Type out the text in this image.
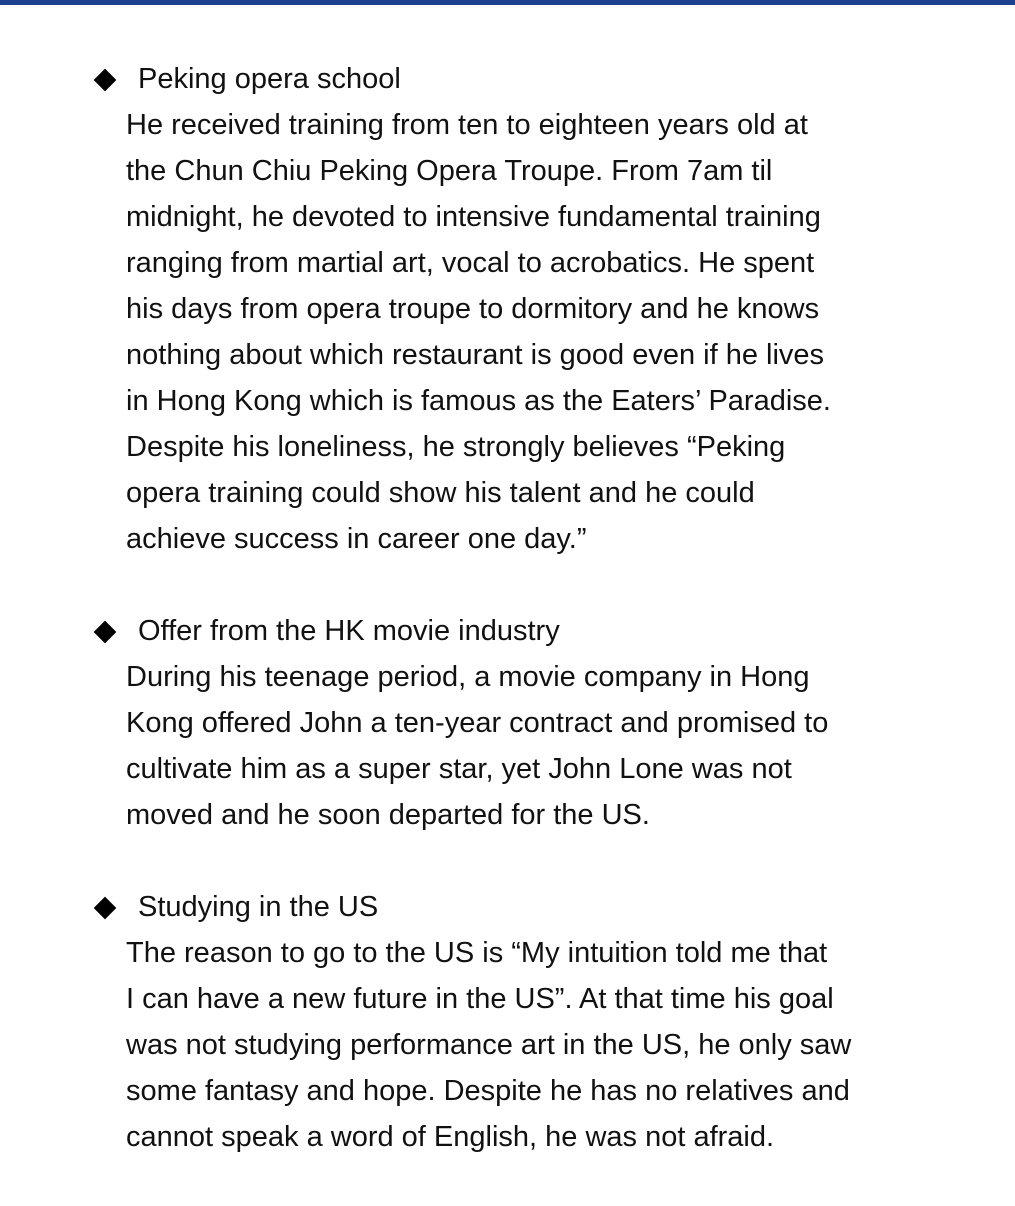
Peking opera school
He received training from ten to eighteen years old at
the Chun Chiu Peking Opera Troupe. From 7am til
midnight, he devoted to intensive fundamental training
ranging from martial art, vocal to acrobatics. He spent
his days from opera troupe to dormitory and he knows
nothing about which restaurant is good even if he lives
in Hong Kong which is famous as the Eaters’ Paradise.
Despite his loneliness, he strongly believes “Peking
opera training could show his talent and he could
achieve success in career one day.”
Offer from the HK movie industry
During his teenage period, a movie company in Hong
Kong offered John a ten-year contract and promised to
cultivate him as a super star, yet John Lone was not
moved and he soon departed for the US.
Studying in the US
The reason to go to the US is “My intuition told me that
I can have a new future in the US”. At that time his goal
was not studying performance art in the US, he only saw
some fantasy and hope. Despite he has no relatives and
cannot speak a word of English, he was not afraid.
